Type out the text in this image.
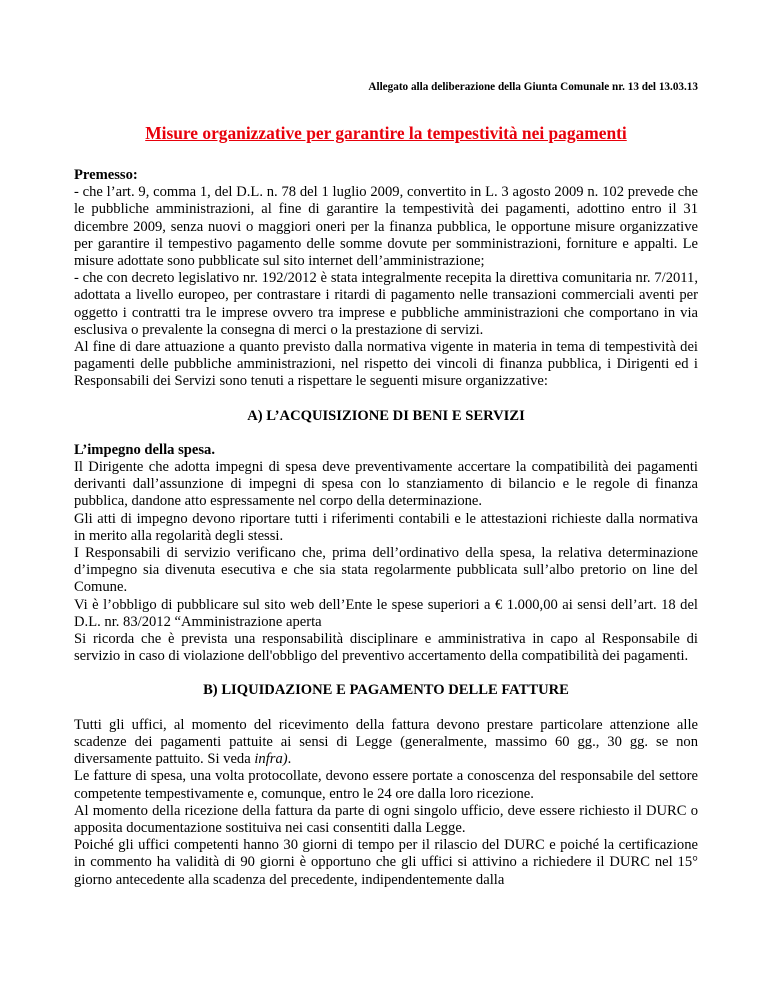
Allegato alla deliberazione della Giunta Comunale nr. 13 del 13.03.13
Misure organizzative per garantire la tempestività nei pagamenti
Premesso:
- che l’art. 9, comma 1, del D.L. n. 78 del 1 luglio 2009, convertito in L. 3 agosto 2009 n. 102 prevede che le pubbliche amministrazioni, al fine di garantire la tempestività dei pagamenti, adottino entro il 31 dicembre 2009, senza nuovi o maggiori oneri per la finanza pubblica, le opportune misure organizzative per garantire il tempestivo pagamento delle somme dovute per somministrazioni, forniture e appalti. Le misure adottate sono pubblicate sul sito internet dell’amministrazione;
- che con decreto legislativo nr. 192/2012 è stata integralmente recepita la direttiva comunitaria nr. 7/2011, adottata a livello europeo, per contrastare i ritardi di pagamento nelle transazioni commerciali aventi per oggetto i contratti tra le imprese ovvero tra imprese e pubbliche amministrazioni che comportano in via esclusiva o prevalente la consegna di merci o la prestazione di servizi.
Al fine di dare attuazione a quanto previsto dalla normativa vigente in materia in tema di tempestività dei pagamenti delle pubbliche amministrazioni, nel rispetto dei vincoli di finanza pubblica, i Dirigenti ed i Responsabili dei Servizi sono tenuti a rispettare le seguenti misure organizzative:
A) L’ACQUISIZIONE DI BENI E SERVIZI
L’impegno della spesa.
Il Dirigente che adotta impegni di spesa deve preventivamente accertare la compatibilità dei pagamenti derivanti dall’assunzione di impegni di spesa con lo stanziamento di bilancio e le regole di finanza pubblica, dandone atto espressamente nel corpo della determinazione.
Gli atti di impegno devono riportare tutti i riferimenti contabili e le attestazioni richieste dalla normativa in merito alla regolarità degli stessi.
I Responsabili di servizio verificano che, prima dell’ordinativo della spesa, la relativa determinazione d’impegno sia divenuta esecutiva e che sia stata regolarmente pubblicata sull’albo pretorio on line del Comune.
Vi è l’obbligo di pubblicare sul sito web dell’Ente le spese superiori a € 1.000,00 ai sensi dell’art. 18 del D.L. nr. 83/2012 “Amministrazione aperta
Si ricorda che è prevista una responsabilità disciplinare e amministrativa in capo al Responsabile di servizio in caso di violazione dell'obbligo del preventivo accertamento della compatibilità dei pagamenti.
B) LIQUIDAZIONE E PAGAMENTO DELLE FATTURE
Tutti gli uffici, al momento del ricevimento della fattura devono prestare particolare attenzione alle scadenze dei pagamenti pattuite ai sensi di Legge (generalmente, massimo 60 gg., 30 gg. se non diversamente pattuito. Si veda infra).
Le fatture di spesa, una volta protocollate, devono essere portate a conoscenza del responsabile del settore competente tempestivamente e, comunque, entro le 24 ore dalla loro ricezione.
Al momento della ricezione della fattura da parte di ogni singolo ufficio, deve essere richiesto il DURC o apposita documentazione sostituiva nei casi consentiti dalla Legge.
Poiché gli uffici competenti hanno 30 giorni di tempo per il rilascio del DURC e poiché la certificazione in commento ha validità di 90 giorni è opportuno che gli uffici si attivino a richiedere il DURC nel 15° giorno antecedente alla scadenza del precedente, indipendentemente dalla
